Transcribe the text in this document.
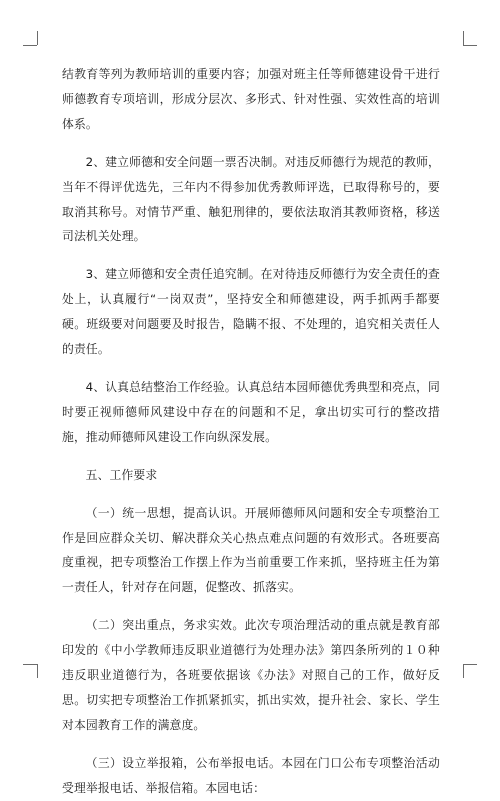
结教育等列为教师培训的重要内容；加强对班主任等师德建设骨干进行师德教育专项培训，形成分层次、多形式、针对性强、实效性高的培训体系。

2、建立师德和安全问题一票否决制。对违反师德行为规范的教师，当年不得评优选先，三年内不得参加优秀教师评选，已取得称号的，要取消其称号。对情节严重、触犯刑律的，要依法取消其教师资格，移送司法机关处理。

3、建立师德和安全责任追究制。在对待违反师德行为安全责任的查处上，认真履行“一岗双责”，坚持安全和师德建设，两手抓两手都要硬。班级要对问题要及时报告，隐瞒不报、不处理的，追究相关责任人的责任。

4、认真总结整治工作经验。认真总结本园师德优秀典型和亮点，同时要正视师德师风建设中存在的问题和不足，拿出切实可行的整改措施，推动师德师风建设工作向纵深发展。

五、工作要求

（一）统一思想，提高认识。开展师德师风问题和安全专项整治工作是回应群众关切、解决群众关心热点难点问题的有效形式。各班要高度重视，把专项整治工作摆上作为当前重要工作来抓，坚持班主任为第一责任人，针对存在问题，促整改、抓落实。

（二）突出重点，务求实效。此次专项治理活动的重点就是教育部印发的《中小学教师违反职业道德行为处理办法》第四条所列的１０种违反职业道德行为，各班要依据该《办法》对照自己的工作，做好反思。切实把专项整治工作抓紧抓实，抓出实效，提升社会、家长、学生对本园教育工作的满意度。

（三）设立举报箱，公布举报电话。本园在门口公布专项整治活动受理举报电话、举报信箱。本园电话：
